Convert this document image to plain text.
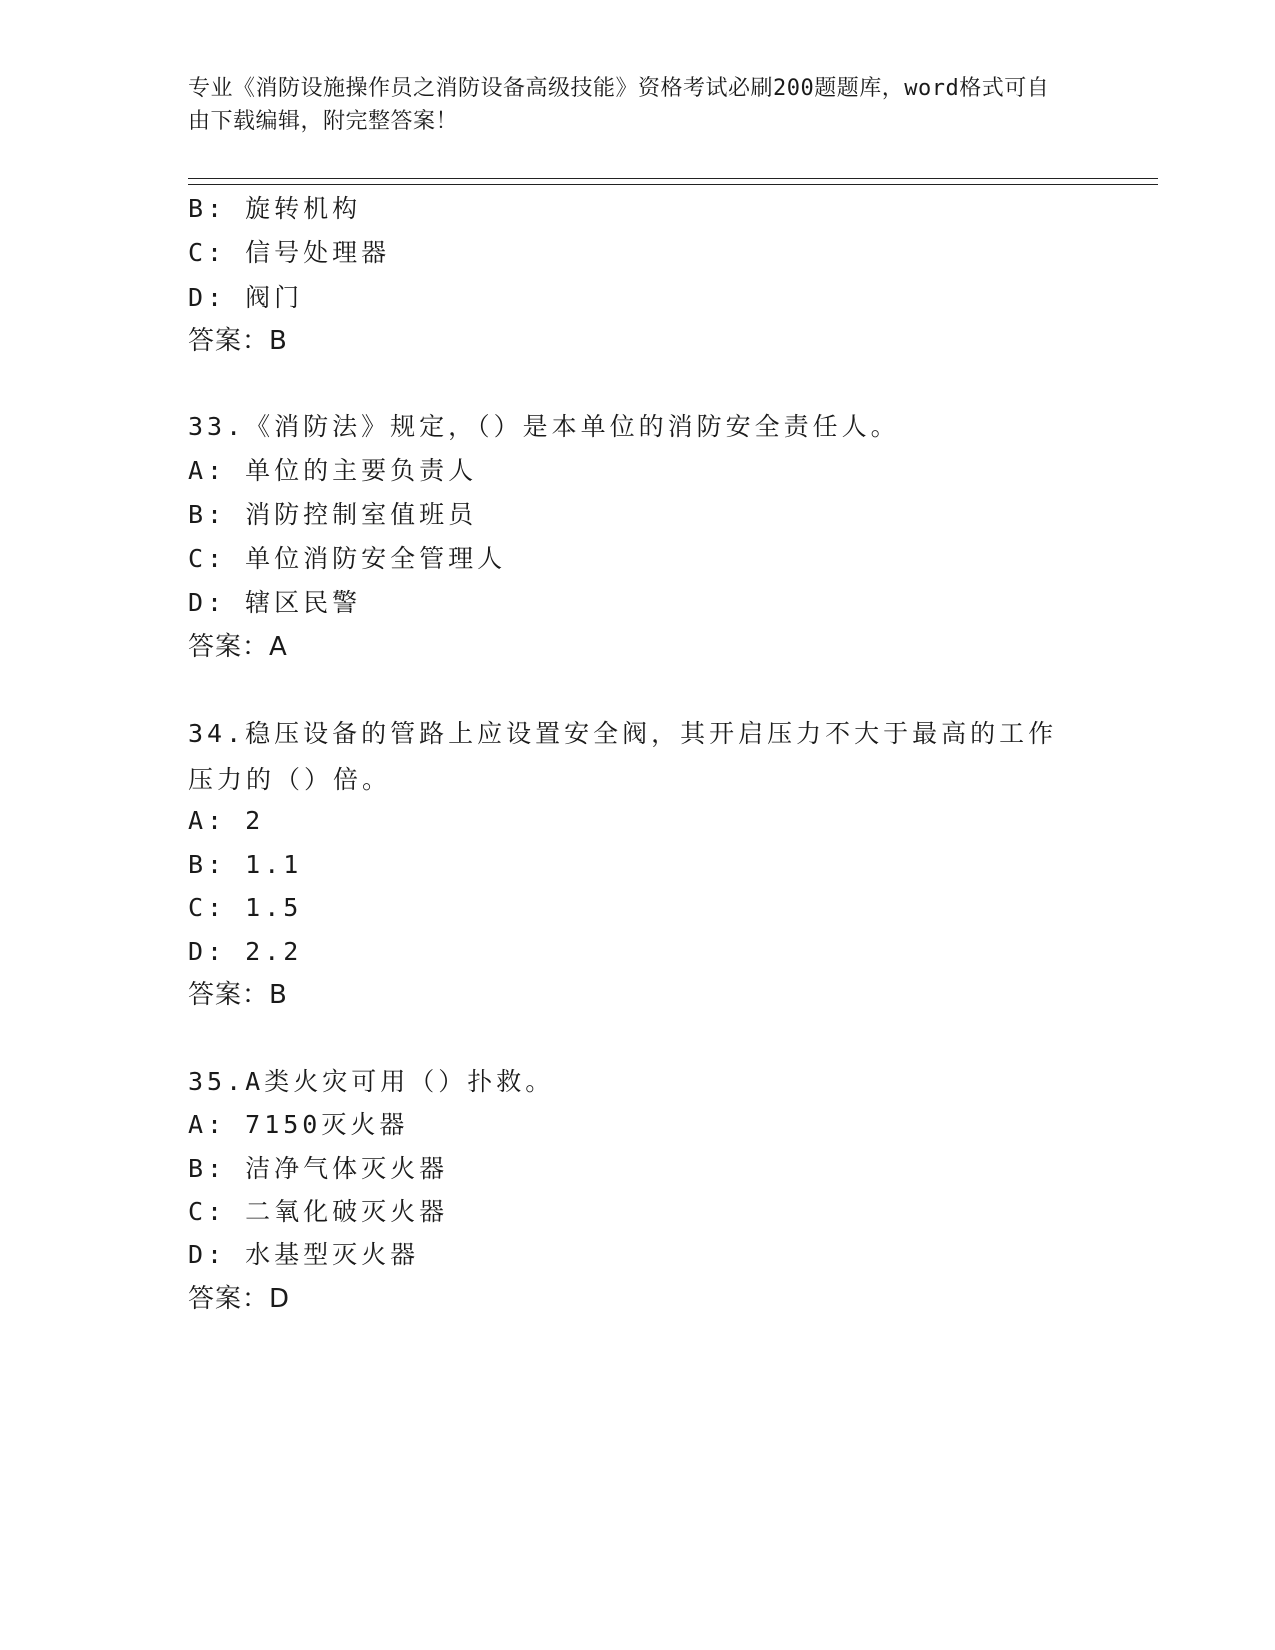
专业《消防设施操作员之消防设备高级技能》资格考试必刷200题题库，word格式可自由下载编辑，附完整答案！
B: 旋转机构
C: 信号处理器
D: 阀门
答案：B
33.《消防法》规定，（）是本单位的消防安全责任人。
A: 单位的主要负责人
B: 消防控制室值班员
C: 单位消防安全管理人
D: 辖区民警
答案：A
34.稳压设备的管路上应设置安全阀，其开启压力不大于最高的工作压力的（）倍。
A: 2
B: 1.1
C: 1.5
D: 2.2
答案：B
35.A类火灾可用（）扑救。
A: 7150灭火器
B: 洁净气体灭火器
C: 二氧化破灭火器
D: 水基型灭火器
答案：D
